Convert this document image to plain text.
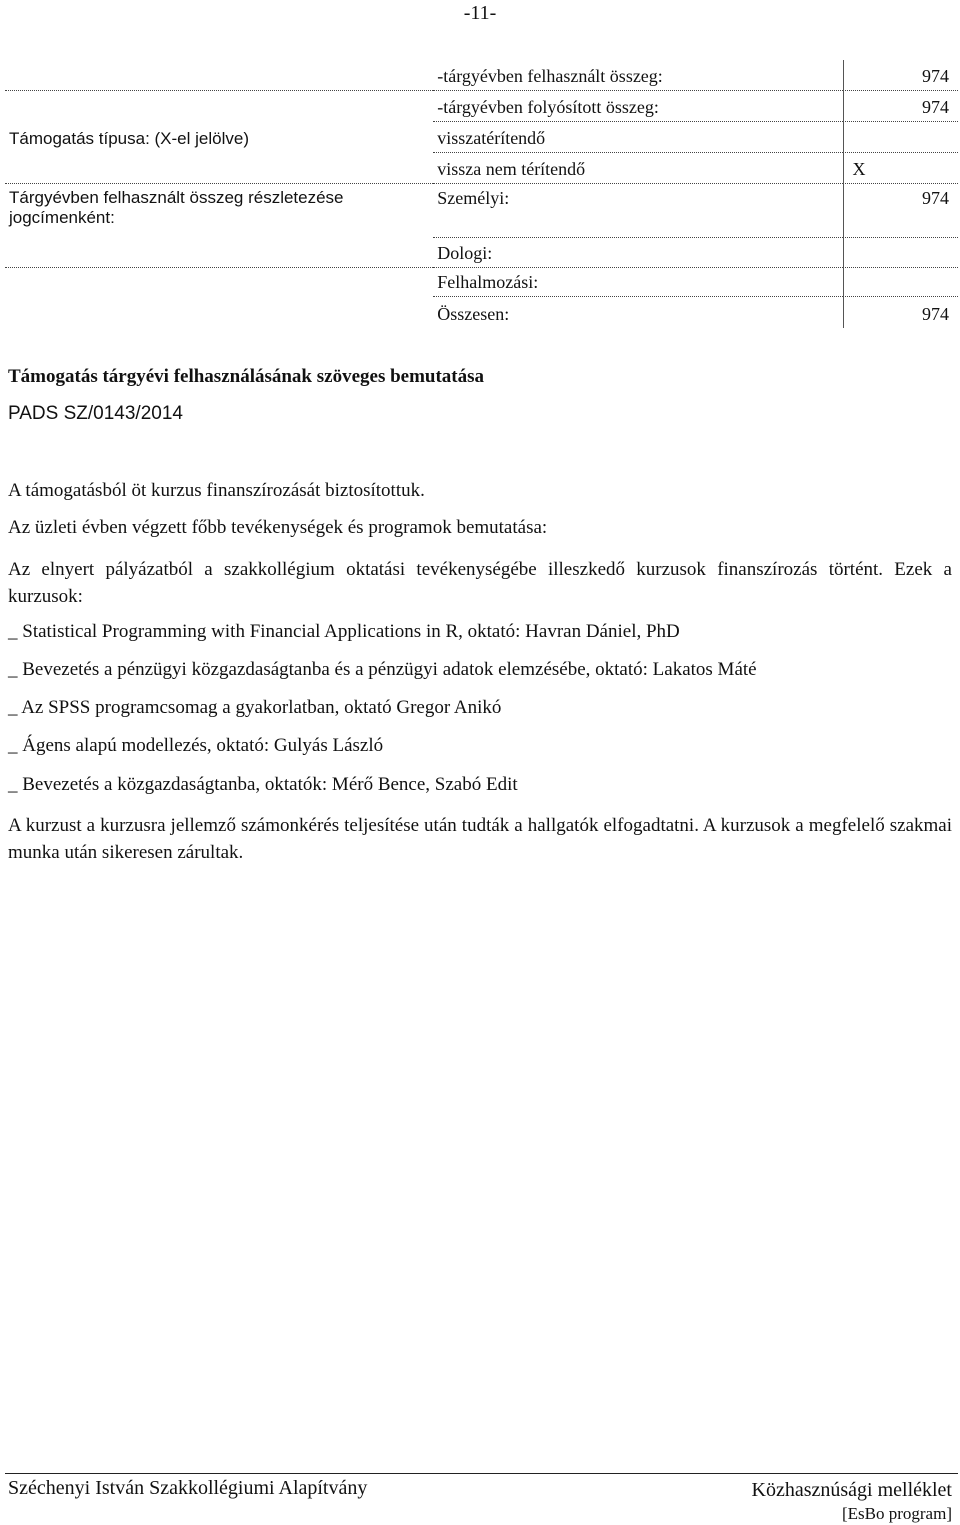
-11-
-tárgyévben felhasznált összeg:	974
-tárgyévben folyósított összeg:	974
Támogatás típusa: (X-el jelölve)	visszatérítendő
vissza nem térítendő	X
Tárgyévben felhasznált összeg részletezése jogcímenként:
Személyi:	974
Dologi:
Felhalmozási:
Összesen:	974
Támogatás tárgyévi felhasználásának szöveges bemutatása
PADS SZ/0143/2014
A támogatásból öt kurzus finanszírozását biztosítottuk.
Az üzleti évben végzett főbb tevékenységek és programok bemutatása:
Az elnyert pályázatból a szakkollégium oktatási tevékenységébe illeszkedő kurzusok finanszírozás történt. Ezek a kurzusok:
_ Statistical Programming with Financial Applications in R, oktató: Havran Dániel, PhD
_ Bevezetés a pénzügyi közgazdaságtanba és a pénzügyi adatok elemzésébe, oktató: Lakatos Máté
_ Az SPSS programcsomag a gyakorlatban, oktató Gregor Anikó
_ Ágens alapú modellezés, oktató: Gulyás László
_ Bevezetés a közgazdaságtanba, oktatók: Mérő Bence, Szabó Edit
A kurzust a kurzusra jellemző számonkérés teljesítése után tudták a hallgatók elfogadtatni. A kurzusok a megfelelő szakmai munka után sikeresen zárultak.
Széchenyi István Szakkollégiumi Alapítvány	Közhasznúsági melléklet
[EsBo program]
